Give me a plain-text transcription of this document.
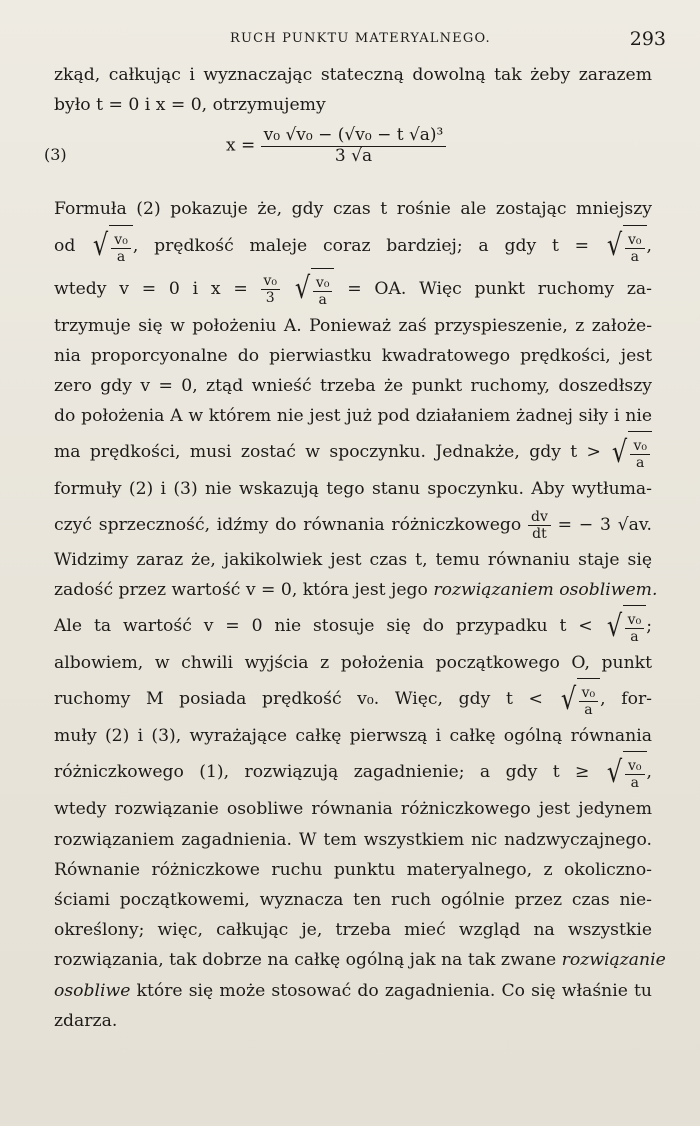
RUCH PUNKTU MATERYALNEGO.	293
zkąd, całkując i wyznaczając stateczną dowolną tak żeby zarazem
było t = 0 i x = 0, otrzymujemy
(3)	$x = \frac{\text{v₀ √v₀ − (√v₀ − t √a)³}}{3 √a}$
Formuła (2) pokazuje że, gdy czas t rośnie ale zostając mniejszy
od √ $\frac{\text{v₀}}{a}$ , prędkość maleje coraz bardziej; a gdy t = √ $\frac{\text{v₀}}{a}$ ,
wtedy v = 0 i $x = \frac{\text{v₀}}{3}$
√ $\frac{\text{v₀}}{a}$ = OA. Więc punkt ruchomy za-
trzymuje się w położeniu A. Ponieważ zaś przyspieszenie, z założe-
nia proporcyonalne do pierwiastku kwadratowego prędkości, jest
zero gdy v = 0, ztąd wnieść trzeba że punkt ruchomy, doszedłszy
do położenia A w którem nie jest już pod działaniem żadnej siły i nie
ma prędkości, musi zostać w spoczynku. Jednakże, gdy t > √ $\frac{\text{v₀}}{a}$
formuły (2) i (3) nie wskazują tego stanu spoczynku. Aby wytłuma-
czyć sprzeczność, idźmy do równania różniczkowego $\frac{dv}{dt}$ = − 3 √av.
Widzimy zaraz że, jakikolwiek jest czas t, temu równaniu staje się
zadość przez wartość v = 0, która jest jego rozwiązaniem osobliwem.
Ale ta wartość v = 0 nie stosuje się do przypadku t < √ $\frac{\text{v₀}}{a}$ ;
albowiem, w chwili wyjścia z położenia początkowego O, punkt
ruchomy M posiada prędkość v₀. Więc, gdy t < √ $\frac{\text{v₀}}{a}$ , for-
muły (2) i (3), wyrażające całkę pierwszą i całkę ogólną równania
różniczkowego (1), rozwiązują zagadnienie; a gdy t ≥ √ $\frac{\text{v₀}}{a}$ ,
wtedy rozwiązanie osobliwe równania różniczkowego jest jedynem
rozwiązaniem zagadnienia. W tem wszystkiem nic nadzwyczajnego.
Równanie różniczkowe ruchu punktu materyalnego, z okoliczno-
ściami początkowemi, wyznacza ten ruch ogólnie przez czas nie-
określony; więc, całkując je, trzeba mieć wzgląd na wszystkie
rozwiązania, tak dobrze na całkę ogólną jak na tak zwane rozwiązanie
osobliwe które się może stosować do zagadnienia. Co się właśnie tu
zdarza.
